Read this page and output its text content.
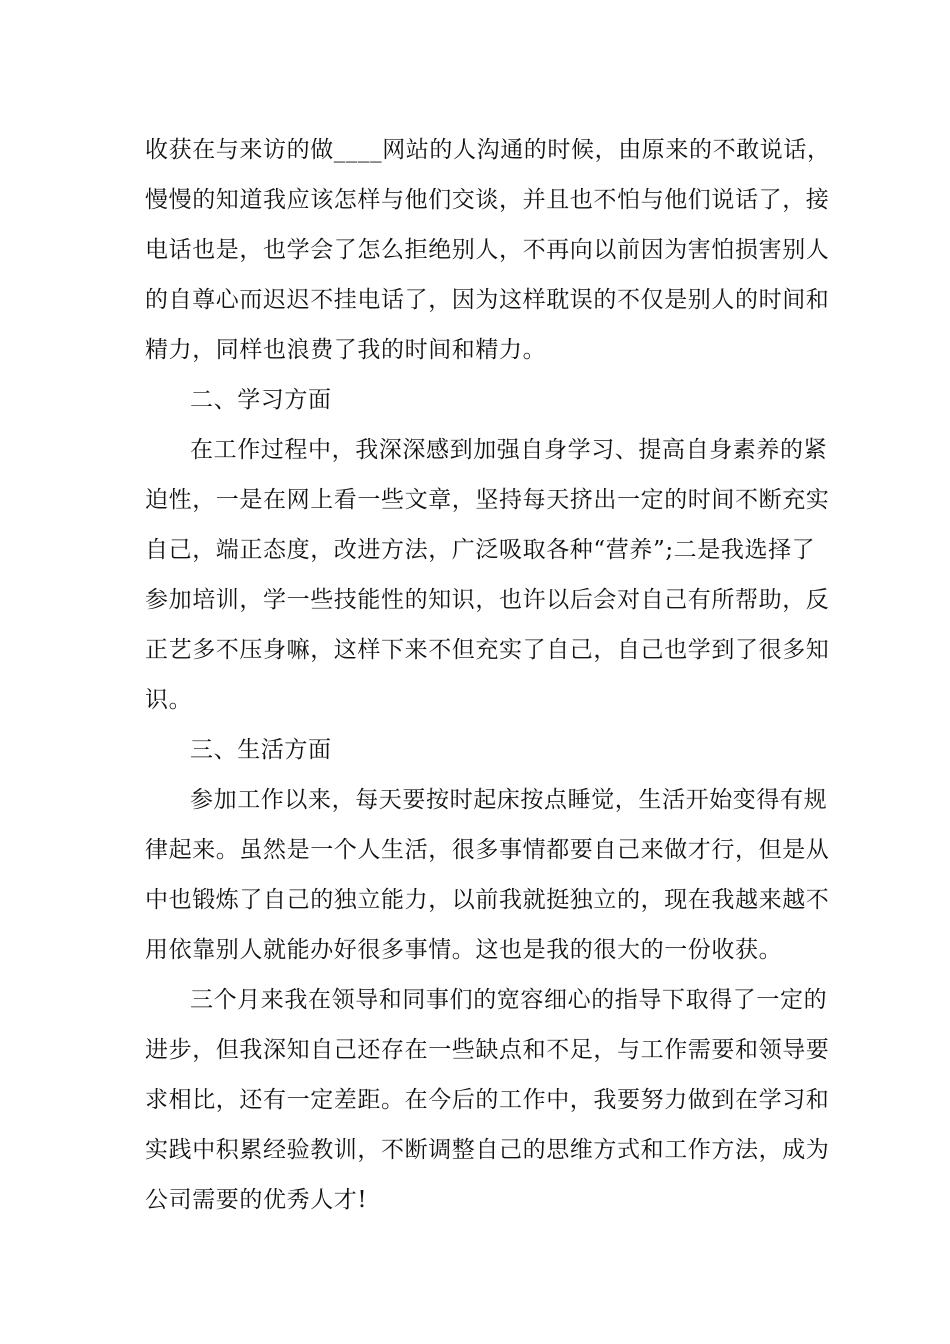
收获在与来访的做____网站的人沟通的时候，由原来的不敢说话，
慢慢的知道我应该怎样与他们交谈，并且也不怕与他们说话了，接
电话也是，也学会了怎么拒绝别人，不再向以前因为害怕损害别人
的自尊心而迟迟不挂电话了，因为这样耽误的不仅是别人的时间和
精力，同样也浪费了我的时间和精力。
二、学习方面
在工作过程中，我深深感到加强自身学习、提高自身素养的紧
迫性，一是在网上看一些文章，坚持每天挤出一定的时间不断充实
自己，端正态度，改进方法，广泛吸取各种“营养”;二是我选择了
参加培训，学一些技能性的知识，也许以后会对自己有所帮助，反
正艺多不压身嘛，这样下来不但充实了自己，自己也学到了很多知
识。
三、生活方面
参加工作以来，每天要按时起床按点睡觉，生活开始变得有规
律起来。虽然是一个人生活，很多事情都要自己来做才行，但是从
中也锻炼了自己的独立能力，以前我就挺独立的，现在我越来越不
用依靠别人就能办好很多事情。这也是我的很大的一份收获。
三个月来我在领导和同事们的宽容细心的指导下取得了一定的
进步，但我深知自己还存在一些缺点和不足，与工作需要和领导要
求相比，还有一定差距。在今后的工作中，我要努力做到在学习和
实践中积累经验教训，不断调整自己的思维方式和工作方法，成为
公司需要的优秀人才!
